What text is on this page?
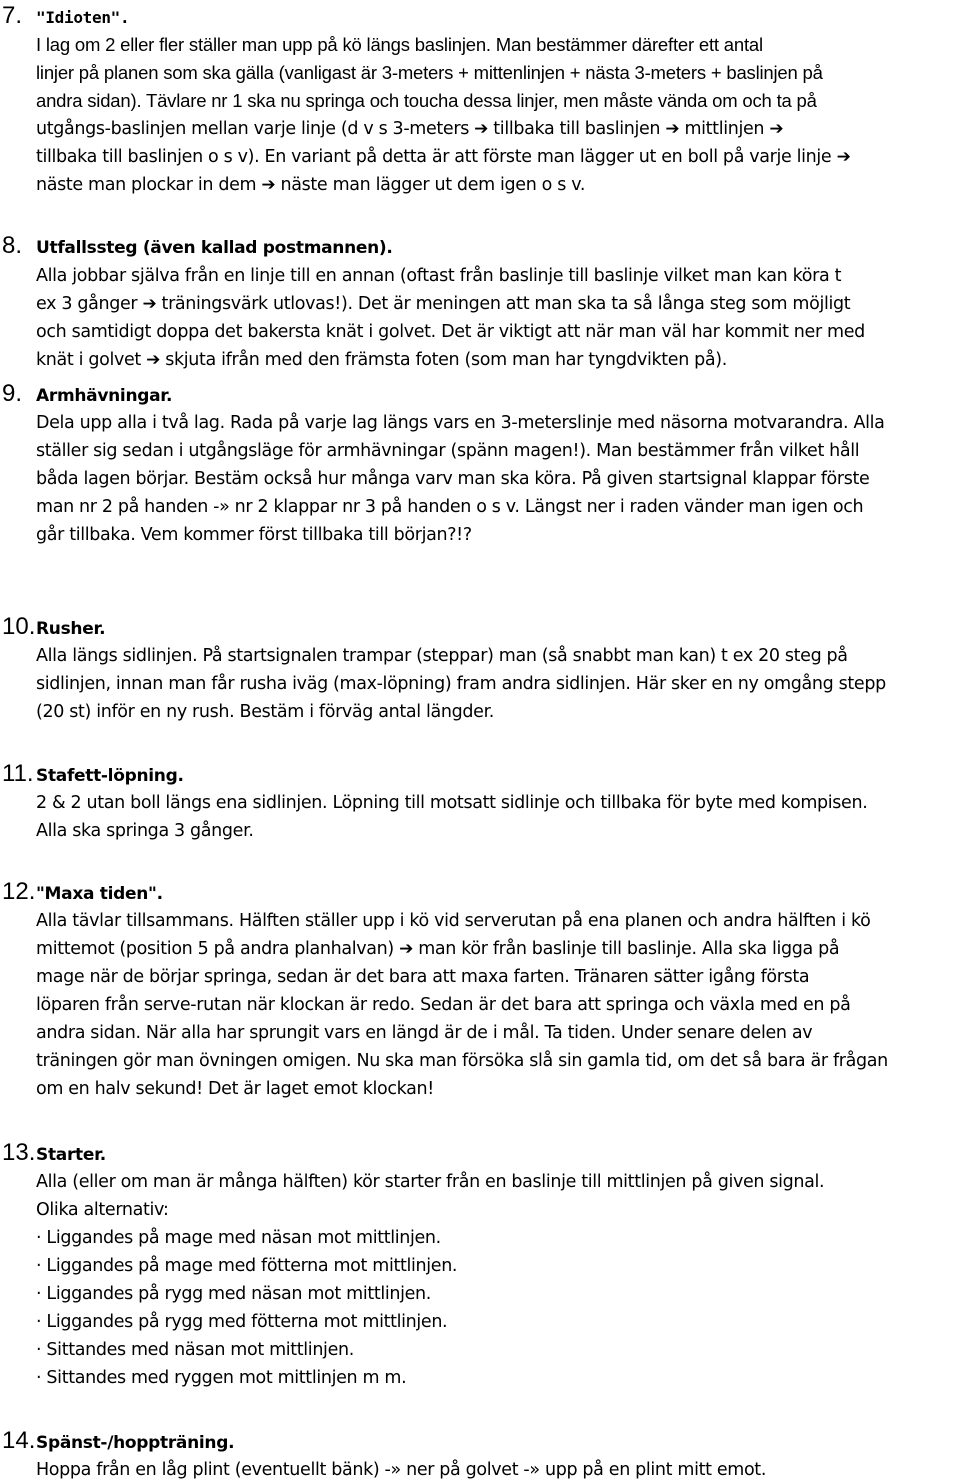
7. "Idioten".
I lag om 2 eller fler ställer man upp på kö längs baslinjen. Man bestämmer därefter ett antal
linjer på planen som ska gälla (vanligast är 3-meters + mittenlinjen + nästa 3-meters + baslinjen på
andra sidan). Tävlare nr 1 ska nu springa och toucha dessa linjer, men måste vända om och ta på
utgångs-baslinjen mellan varje linje (d v s 3-meters ➔ tillbaka till baslinjen ➔ mittlinjen ➔
tillbaka till baslinjen o s v). En variant på detta är att förste man lägger ut en boll på varje linje ➔
näste man plockar in dem ➔ näste man lägger ut dem igen o s v.
8. Utfallssteg (även kallad postmannen).
Alla jobbar själva från en linje till en annan (oftast från baslinje till baslinje vilket man kan köra t
ex 3 gånger ➔ träningsvärk utlovas!). Det är meningen att man ska ta så långa steg som möjligt
och samtidigt doppa det bakersta knät i golvet. Det är viktigt att när man väl har kommit ner med
knät i golvet ➔ skjuta ifrån med den främsta foten (som man har tyngdvikten på).
9. Armhävningar.
Dela upp alla i två lag. Rada på varje lag längs vars en 3-meterslinje med näsorna motvarandra. Alla
ställer sig sedan i utgångsläge för armhävningar (spänn magen!). Man bestämmer från vilket håll
båda lagen börjar. Bestäm också hur många varv man ska köra. På given startsignal klappar förste
man nr 2 på handen -» nr 2 klappar nr 3 på handen o s v. Längst ner i raden vänder man igen och
går tillbaka. Vem kommer först tillbaka till början?!?
10. Rusher.
Alla längs sidlinjen. På startsignalen trampar (steppar) man (så snabbt man kan) t ex 20 steg på
sidlinjen, innan man får rusha iväg (max-löpning) fram andra sidlinjen. Här sker en ny omgång stepp
(20 st) inför en ny rush. Bestäm i förväg antal längder.
11. Stafett-löpning.
2 & 2 utan boll längs ena sidlinjen. Löpning till motsatt sidlinje och tillbaka för byte med kompisen.
Alla ska springa 3 gånger.
12. "Maxa tiden".
Alla tävlar tillsammans. Hälften ställer upp i kö vid serverutan på ena planen och andra hälften i kö
mittemot (position 5 på andra planhalvan) ➔ man kör från baslinje till baslinje. Alla ska ligga på
mage när de börjar springa, sedan är det bara att maxa farten. Tränaren sätter igång första
löparen från serve-rutan när klockan är redo. Sedan är det bara att springa och växla med en på
andra sidan. När alla har sprungit vars en längd är de i mål. Ta tiden. Under senare delen av
träningen gör man övningen omigen. Nu ska man försöka slå sin gamla tid, om det så bara är frågan
om en halv sekund! Det är laget emot klockan!
13. Starter.
Alla (eller om man är många hälften) kör starter från en baslinje till mittlinjen på given signal.
Olika alternativ:
· Liggandes på mage med näsan mot mittlinjen.
· Liggandes på mage med fötterna mot mittlinjen.
· Liggandes på rygg med näsan mot mittlinjen.
· Liggandes på rygg med fötterna mot mittlinjen.
· Sittandes med näsan mot mittlinjen.
· Sittandes med ryggen mot mittlinjen m m.
14. Spänst-/hoppträning.
Hoppa från en låg plint (eventuellt bänk) -» ner på golvet -» upp på en plint mitt emot.
